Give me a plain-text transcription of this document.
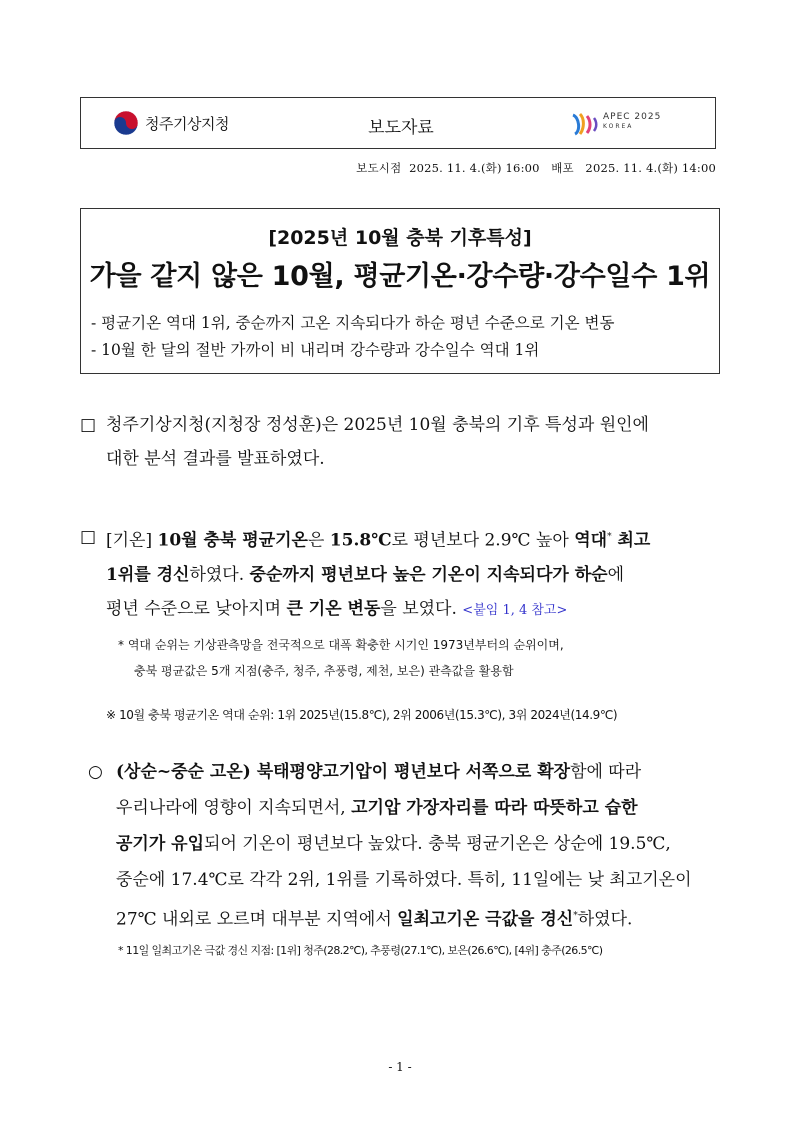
청주기상지청	보도자료
APEC 2025
KOREA
보도시점  2025. 11. 4.(화) 16:00   배포   2025. 11. 4.(화) 14:00
[2025년 10월 충북 기후특성]
가을 같지 않은 10월, 평균기온·강수량·강수일수 1위
- 평균기온 역대 1위, 중순까지 고온 지속되다가 하순 평년 수준으로 기온 변동
- 10월 한 달의 절반 가까이 비 내리며 강수량과 강수일수 역대 1위
□ 청주기상지청(지청장 정성훈)은 2025년 10월 충북의 기후 특성과 원인에
대한 분석 결과를 발표하였다.
□ [기온] 10월 충북 평균기온은 15.8℃로 평년보다 2.9℃ 높아 역대* 최고
1위를 경신하였다. 중순까지 평년보다 높은 기온이 지속되다가 하순에
평년 수준으로 낮아지며 큰 기온 변동을 보였다. <붙임 1, 4 참고>
* 역대 순위는 기상관측망을 전국적으로 대폭 확충한 시기인 1973년부터의 순위이며,
충북 평균값은 5개 지점(충주, 청주, 추풍령, 제천, 보은) 관측값을 활용함
※ 10월 충북 평균기온 역대 순위: 1위 2025년(15.8℃), 2위 2006년(15.3℃), 3위 2024년(14.9℃)
○ (상순~중순 고온) 북태평양고기압이 평년보다 서쪽으로 확장함에 따라
우리나라에 영향이 지속되면서, 고기압 가장자리를 따라 따뜻하고 습한
공기가 유입되어 기온이 평년보다 높았다. 충북 평균기온은 상순에 19.5℃,
중순에 17.4℃로 각각 2위, 1위를 기록하였다. 특히, 11일에는 낮 최고기온이
27℃ 내외로 오르며 대부분 지역에서 일최고기온 극값을 경신*하였다.
* 11일 일최고기온 극값 경신 지점: [1위] 청주(28.2℃), 추풍령(27.1℃), 보은(26.6℃), [4위] 충주(26.5℃)
- 1 -
